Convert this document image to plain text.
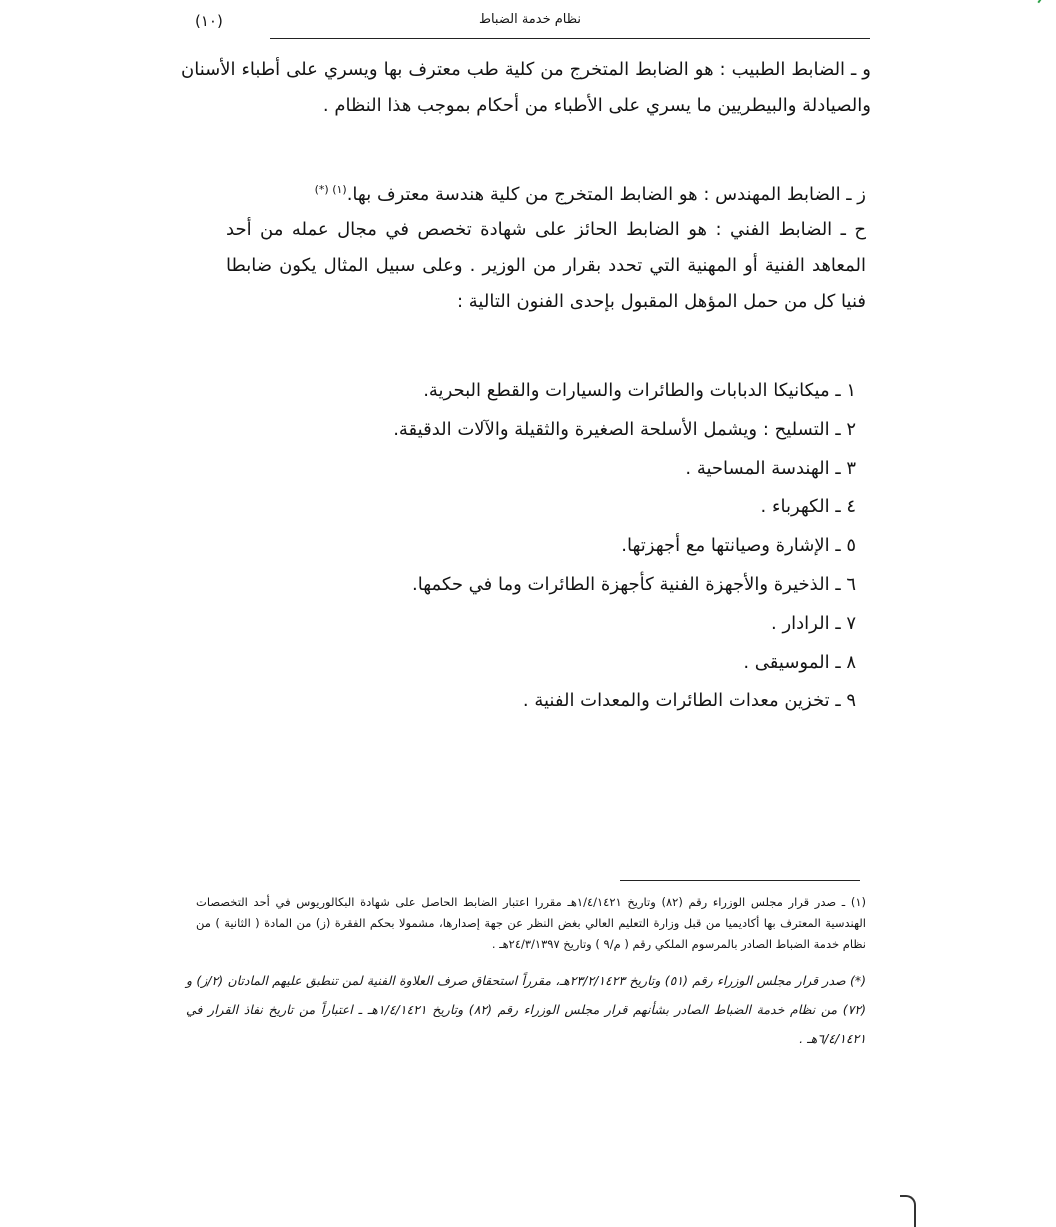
نظام خدمة الضباط
(١٠)

و ـ الضابط الطبيب : هو الضابط المتخرج من كلية طب معترف بها ويسري على أطباء الأسنان والصيادلة والبيطريين ما يسري على الأطباء من أحكام بموجب هذا النظام .

ز ـ الضابط المهندس : هو الضابط المتخرج من كلية هندسة معترف بها.$^{(١) (*)}$

ح ـ الضابط الفني : هو الضابط الحائز على شهادة تخصص في مجال عمله من أحد المعاهد الفنية أو المهنية التي تحدد بقرار من الوزير . وعلى سبيل المثال يكون ضابطا فنيا كل من حمل المؤهل المقبول بإحدى الفنون التالية :

١ ـ ميكانيكا الدبابات والطائرات والسيارات والقطع البحرية.
٢ ـ التسليح : ويشمل الأسلحة الصغيرة والثقيلة والآلات الدقيقة.
٣ ـ الهندسة المساحية .
٤ ـ الكهرباء .
٥ ـ الإشارة وصيانتها مع أجهزتها.
٦ ـ الذخيرة والأجهزة الفنية كأجهزة الطائرات وما في حكمها.
٧ ـ الرادار .
٨ ـ الموسيقى .
٩ ـ تخزين معدات الطائرات والمعدات الفنية .

(١) ـ صدر قرار مجلس الوزراء رقم (٨٢) وتاريخ ١/٤/١٤٢١هـ مقررا اعتبار الضابط الحاصل على شهادة البكالوريوس في أحد التخصصات الهندسية المعترف بها أكاديميا من قبل وزارة التعليم العالي بغض النظر عن جهة إصدارها، مشمولا بحكم الفقرة (ز) من المادة ( الثانية ) من نظام خدمة الضباط الصادر بالمرسوم الملكي رقم ( م/٩ ) وتاريخ ٢٤/٣/١٣٩٧هـ .

(*) صدر قرار مجلس الوزراء رقم (٥١) وتاريخ ٢٣/٢/١٤٢٣هـ، مقرراً استحقاق صرف العلاوة الفنية لمن تنطبق عليهم المادتان (٢/ز) و (٧٢) من نظام خدمة الضباط الصادر بشأنهم قرار مجلس الوزراء رقم (٨٢) وتاريخ ١/٤/١٤٢١هـ ـ اعتباراً من تاريخ نفاذ القرار في ٦/٤/١٤٢١هـ .
